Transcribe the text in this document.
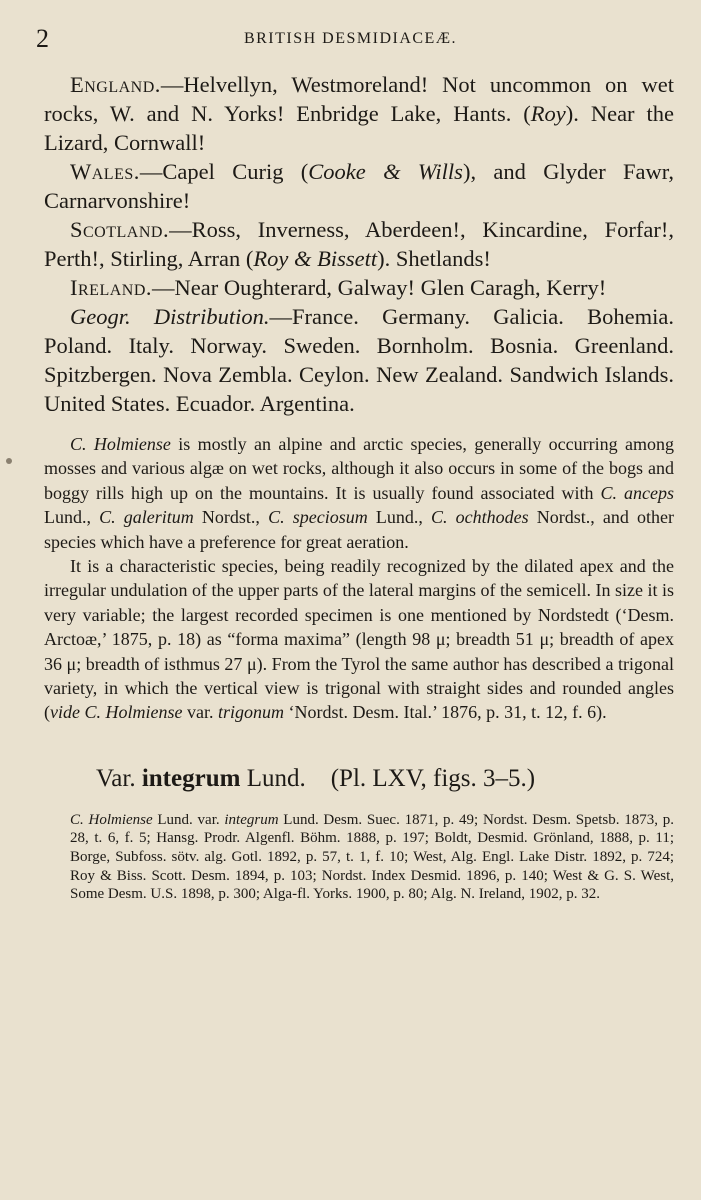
2	BRITISH DESMIDIACEÆ.

England.—Helvellyn, Westmoreland! Not uncommon on wet rocks, W. and N. Yorks! Enbridge Lake, Hants. (Roy). Near the Lizard, Cornwall!

Wales.—Capel Curig (Cooke & Wills), and Glyder Fawr, Carnarvonshire!

Scotland.—Ross, Inverness, Aberdeen!, Kincardine, Forfar!, Perth!, Stirling, Arran (Roy & Bissett). Shetlands!

Ireland.—Near Oughterard, Galway! Glen Caragh, Kerry!

Geogr. Distribution.—France. Germany. Galicia. Bohemia. Poland. Italy. Norway. Sweden. Bornholm. Bosnia. Greenland. Spitzbergen. Nova Zembla. Ceylon. New Zealand. Sandwich Islands. United States. Ecuador. Argentina.

C. Holmiense is mostly an alpine and arctic species, generally occurring among mosses and various algæ on wet rocks, although it also occurs in some of the bogs and boggy rills high up on the mountains. It is usually found associated with C. anceps Lund., C. galeritum Nordst., C. speciosum Lund., C. ochthodes Nordst., and other species which have a preference for great aeration.

It is a characteristic species, being readily recognized by the dilated apex and the irregular undulation of the upper parts of the lateral margins of the semicell. In size it is very variable; the largest recorded specimen is one mentioned by Nordstedt (‘Desm. Arctoæ,’ 1875, p. 18) as “forma maxima” (length 98 μ; breadth 51 μ; breadth of apex 36 μ; breadth of isthmus 27 μ). From the Tyrol the same author has described a trigonal variety, in which the vertical view is trigonal with straight sides and rounded angles (vide C. Holmiense var. trigonum ‘Nordst. Desm. Ital.’ 1876, p. 31, t. 12, f. 6).

Var. integrum Lund.    (Pl. LXV, figs. 3–5.)

C. Holmiense Lund. var. integrum Lund. Desm. Suec. 1871, p. 49; Nordst. Desm. Spetsb. 1873, p. 28, t. 6, f. 5; Hansg. Prodr. Algenfl. Böhm. 1888, p. 197; Boldt, Desmid. Grönland, 1888, p. 11; Borge, Subfoss. sötv. alg. Gotl. 1892, p. 57, t. 1, f. 10; West, Alg. Engl. Lake Distr. 1892, p. 724; Roy & Biss. Scott. Desm. 1894, p. 103; Nordst. Index Desmid. 1896, p. 140; West & G. S. West, Some Desm. U.S. 1898, p. 300; Alga-fl. Yorks. 1900, p. 80; Alg. N. Ireland, 1902, p. 32.
